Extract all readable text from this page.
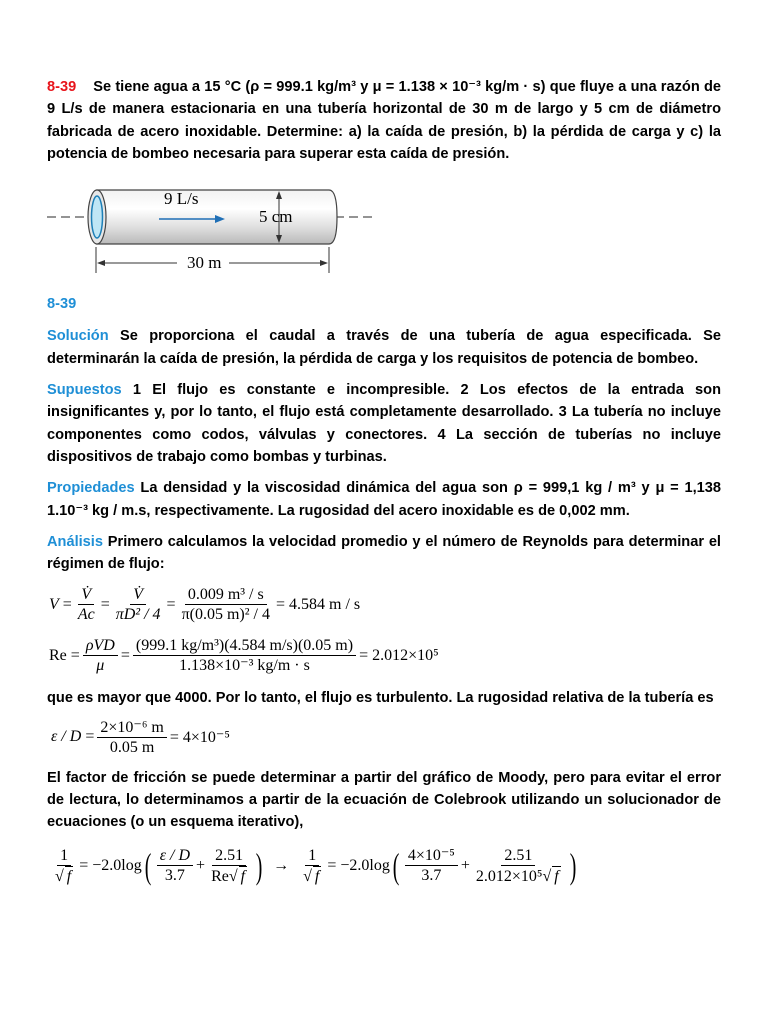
8-39 Se tiene agua a 15 °C (ρ = 999.1 kg/m³ y μ = 1.138 × 10⁻³ kg/m · s) que fluye a una razón de 9 L/s de manera estacionaria en una tubería horizontal de 30 m de largo y 5 cm de diámetro fabricada de acero inoxidable. Determine: a) la caída de presión, b) la pérdida de carga y c) la potencia de bombeo necesaria para superar esta caída de presión.

9 L/s
5 cm
30 m

8-39

Solución Se proporciona el caudal a través de una tubería de agua especificada. Se determinarán la caída de presión, la pérdida de carga y los requisitos de potencia de bombeo.

Supuestos 1 El flujo es constante e incompresible. 2 Los efectos de la entrada son insignificantes y, por lo tanto, el flujo está completamente desarrollado. 3 La tubería no incluye componentes como codos, válvulas y conectores. 4 La sección de tuberías no incluye dispositivos de trabajo como bombas y turbinas.

Propiedades La densidad y la viscosidad dinámica del agua son ρ = 999,1 kg / m³ y μ = 1,138 1.10⁻³ kg / m.s, respectivamente. La rugosidad del acero inoxidable es de 0,002 mm.

Análisis Primero calculamos la velocidad promedio y el número de Reynolds para determinar el régimen de flujo:

$V = \frac{V̇}{Ac} = \frac{V̇}{\text{πD² / 4}} = \frac{\text{0.009 m³ / s}}{\text{π(0.05 m)² / 4}} = 4.584$ m / s
$Re = \frac{\text{ρVD}}{\mu} = \frac{\text{(999.1 kg/m³)(4.584 m/s)(0.05 m)}}{\text{1.138×10⁻³ kg/m · s}} = 2.012\times 10^5$

que es mayor que 4000. Por lo tanto, el flujo es turbulento. La rugosidad relativa de la tubería es

$\varepsilon / D = \frac{\text{2×10⁻⁶ m}}{0.05 m} = 4\times 10^{-5}$

El factor de fricción se puede determinar a partir del gráfico de Moody, pero para evitar el error de lectura, lo determinamos a partir de la ecuación de Colebrook utilizando un solucionador de ecuaciones (o un esquema iterativo),

$\frac{1}{√ f} = -2.0\log$ ( $\frac{\varepsilon / D}{3.7} + \frac{2.51}{Re√ f}$ ) → $\frac{1}{√ f} = -2.0\log$ ( $\frac{\text{4×10⁻⁵}}{3.7} + \frac{2.51}{\text{2.012×10⁵√ f}}$ )
